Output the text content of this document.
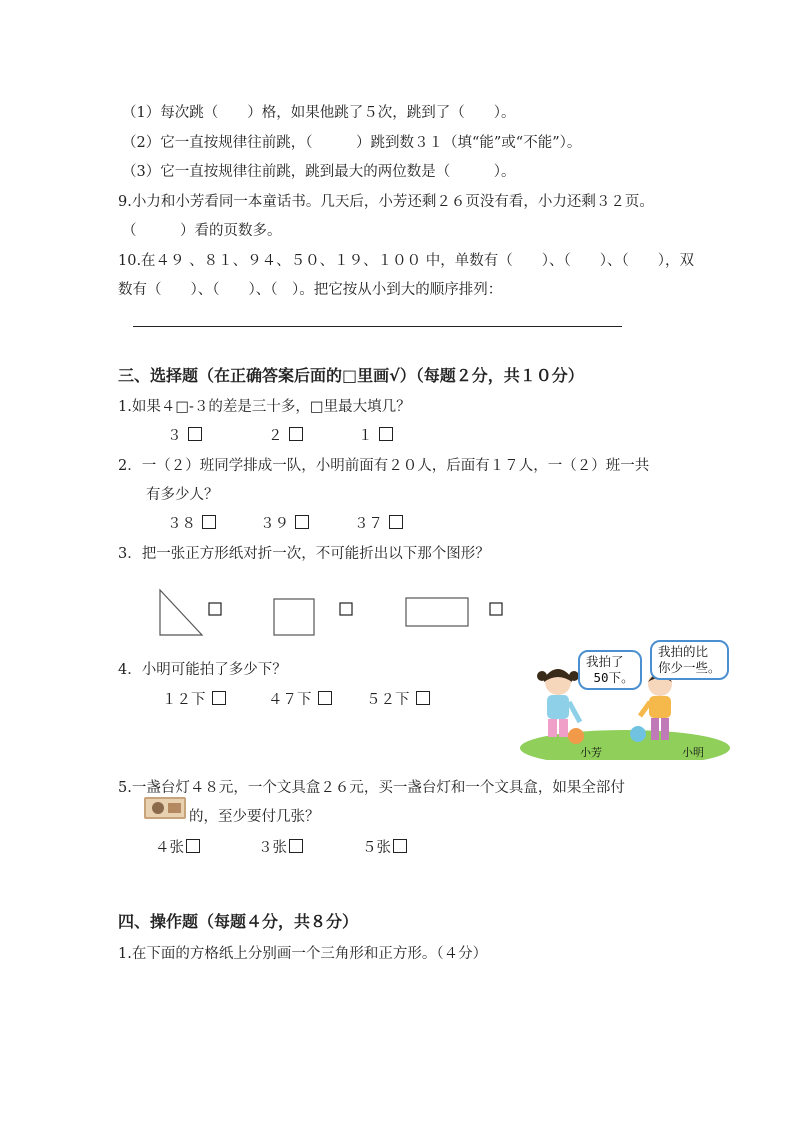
（1）每次跳（　　）格，如果他跳了５次，跳到了（　　）。
（2）它一直按规律往前跳，（　　　）跳到数３１（填“能”或“不能”）。
（3）它一直按规律往前跳，跳到最大的两位数是（　　　）。
9.小力和小芳看同一本童话书。几天后，小芳还剩２６页没有看，小力还剩３２页。
（　　　）看的页数多。
10.在４９ 、８１、９４、５０、１９、１００ 中，单数有（　　）、（　　）、（　　），双
数有（　　）、（　　）、（　）。把它按从小到大的顺序排列：
三、选择题（在正确答案后面的□里画√）（每题２分，共１０分）
1.如果４□-３的差是三十多，□里最大填几？
３	２	１
2．一（２）班同学排成一队，小明前面有２０人，后面有１７人，一（２）班一共
有多少人？
３８	３９	３７
3．把一张正方形纸对折一次，不可能折出以下那个图形？
4．小明可能拍了多少下？
１２下	４７下	５２下
小芳	小明
我拍了
50下。
我拍的比
你少一些。
5.一盏台灯４８元，一个文具盒２６元，买一盏台灯和一个文具盒，如果全部付
的，至少要付几张？
４张	３张	５张
四、操作题（每题４分，共８分）
1.在下面的方格纸上分别画一个三角形和正方形。（４分）
